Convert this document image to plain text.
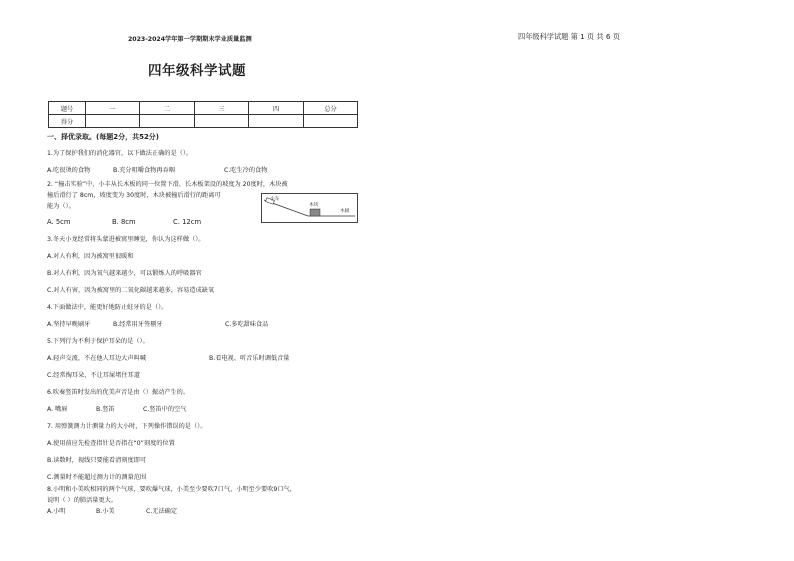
2023-2024学年第一学期期末学业质量监测	四年级科学试题 第 1 页 共 6 页
四年级科学试题
题号	一	二	三	四	总分
得分					
一、择优录取。(每题2分，共52分)
1.为了保护我们的消化器官，以下做法正确的是（）。
A.吃很烫的食物	B.充分咀嚼食物再吞咽	C.吃生冷的食物
2. “撞击实验”中，小丰从长木板的同一位置下滑，长木板架设的坡度为 20度时，木块被
撞后滑行了 8cm，坡度变为 30度时，木块被撞后滑行的距离可
能为（）。
A. 5cm	B. 8cm	C. 12cm
小车
木块
木板
3.冬天小龙经常将头蒙进被窝里睡觉，你认为这样做（）。
A.对人有利，因为被窝里很暖和
B.对人有利，因为氧气越来越少，可以锻炼人的呼吸器官
C.对人有害，因为被窝里的二氧化碳越来越多，容易造成缺氧
4.下面做法中，能更好地防止蛀牙的是（）。
A.坚持早晚刷牙	B.经常用牙签剔牙	C.多吃甜味食品
5.下列行为不利于保护耳朵的是（）。
A.轻声交流，不在他人耳边大声叫喊	B.看电视、听音乐时调低音量
C.经常掏耳朵，不让耳屎堵住耳道
6.吹奏竖笛时发出的优美声音是由（）振动产生的。
A. 嘴唇	B.竖笛	C.竖笛中的空气
7. 用弹簧测力计测量力的大小时，下列操作错误的是（）。
A.使用前应先检查指针是否指在“0”刻度的位置
B.读数时，视线只要能看清刻度即可
C.测量时不能超过测力计的测量范围
8.小明和小美吹相同的两个气球，要吹爆气球，小美至少要吹7口气，小明至少要吹9口气，
说明（ ）的肺活量更大。
A.小明	B.小美	C.无法确定
